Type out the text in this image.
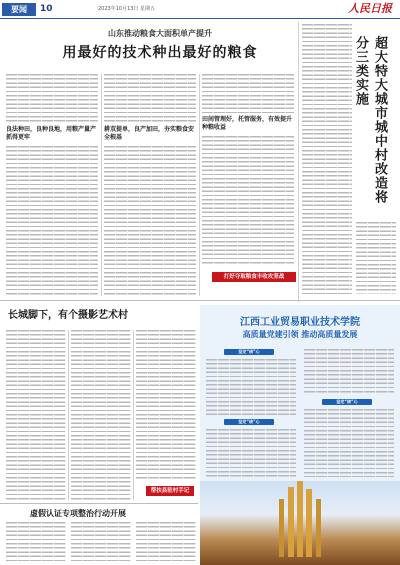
要闻	10	2023年10月13日 星期五	人民日报
山东推动粮食大面积单产提升
用最好的技术种出最好的粮食
良法种田，良种良地，用粮产量产抓得更牢
耕双提单，良产加田，夯实粮食安全根基
田间管理好，托管服务，有效提升种粮收益
打好夺取粮食丰收攻坚战
超大特大城市城中村改造将分三类实施
长城脚下，有个摄影艺术村
帮扶县驻村手记
虚假认证专项整治行动开展
江西工业贸易职业技术学院
高质量党建引领 推动高质量发展
坚定“核”心
坚定“核”心
坚定“核”心
